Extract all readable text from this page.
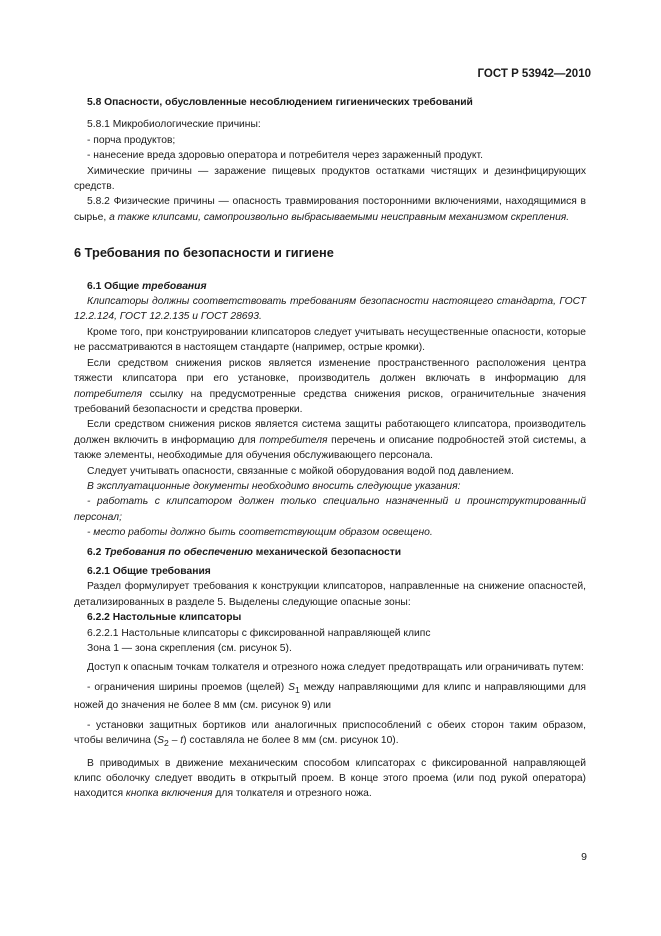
ГОСТ Р 53942—2010

5.8 Опасности, обусловленные несоблюдением гигиенических требований

5.8.1 Микробиологические причины:

- порча продуктов;

- нанесение вреда здоровью оператора и потребителя через зараженный продукт.

Химические причины — заражение пищевых продуктов остатками чистящих и дезинфицирующих средств.

5.8.2 Физические причины — опасность травмирования посторонними включениями, находящимися в сырье, а также клипсами, самопроизвольно выбрасываемыми неисправным механизмом скрепления.

6 Требования по безопасности и гигиене

6.1 Общие требования

Клипсаторы должны соответствовать требованиям безопасности настоящего стандарта, ГОСТ 12.2.124, ГОСТ 12.2.135 и ГОСТ 28693.

Кроме того, при конструировании клипсаторов следует учитывать несущественные опасности, которые не рассматриваются в настоящем стандарте (например, острые кромки).

Если средством снижения рисков является изменение пространственного расположения центра тяжести клипсатора при его установке, производитель должен включать в информацию для потребителя ссылку на предусмотренные средства снижения рисков, ограничительные значения требований безопасности и средства проверки.

Если средством снижения рисков является система защиты работающего клипсатора, производитель должен включить в информацию для потребителя перечень и описание подробностей этой системы, а также элементы, необходимые для обучения обслуживающего персонала.

Следует учитывать опасности, связанные с мойкой оборудования водой под давлением.

В эксплуатационные документы необходимо вносить следующие указания:

- работать с клипсатором должен только специально назначенный и проинструктированный персонал;

- место работы должно быть соответствующим образом освещено.

6.2 Требования по обеспечению механической безопасности

6.2.1 Общие требования

Раздел формулирует требования к конструкции клипсаторов, направленные на снижение опасностей, детализированных в разделе 5. Выделены следующие опасные зоны:

6.2.2 Настольные клипсаторы

6.2.2.1 Настольные клипсаторы с фиксированной направляющей клипс

Зона 1 — зона скрепления (см. рисунок 5).

Доступ к опасным точкам толкателя и отрезного ножа следует предотвращать или ограничивать путем:

- ограничения ширины проемов (щелей) $S_1$ между направляющими для клипс и направляющими для ножей до значения не более 8 мм (см. рисунок 9) или

- установки защитных бортиков или аналогичных приспособлений с обеих сторон таким образом, чтобы величина $(S_2 - t)$ составляла не более 8 мм (см. рисунок 10).

В приводимых в движение механическим способом клипсаторах с фиксированной направляющей клипс оболочку следует вводить в открытый проем. В конце этого проема (или под рукой оператора) находится кнопка включения для толкателя и отрезного ножа.

9
